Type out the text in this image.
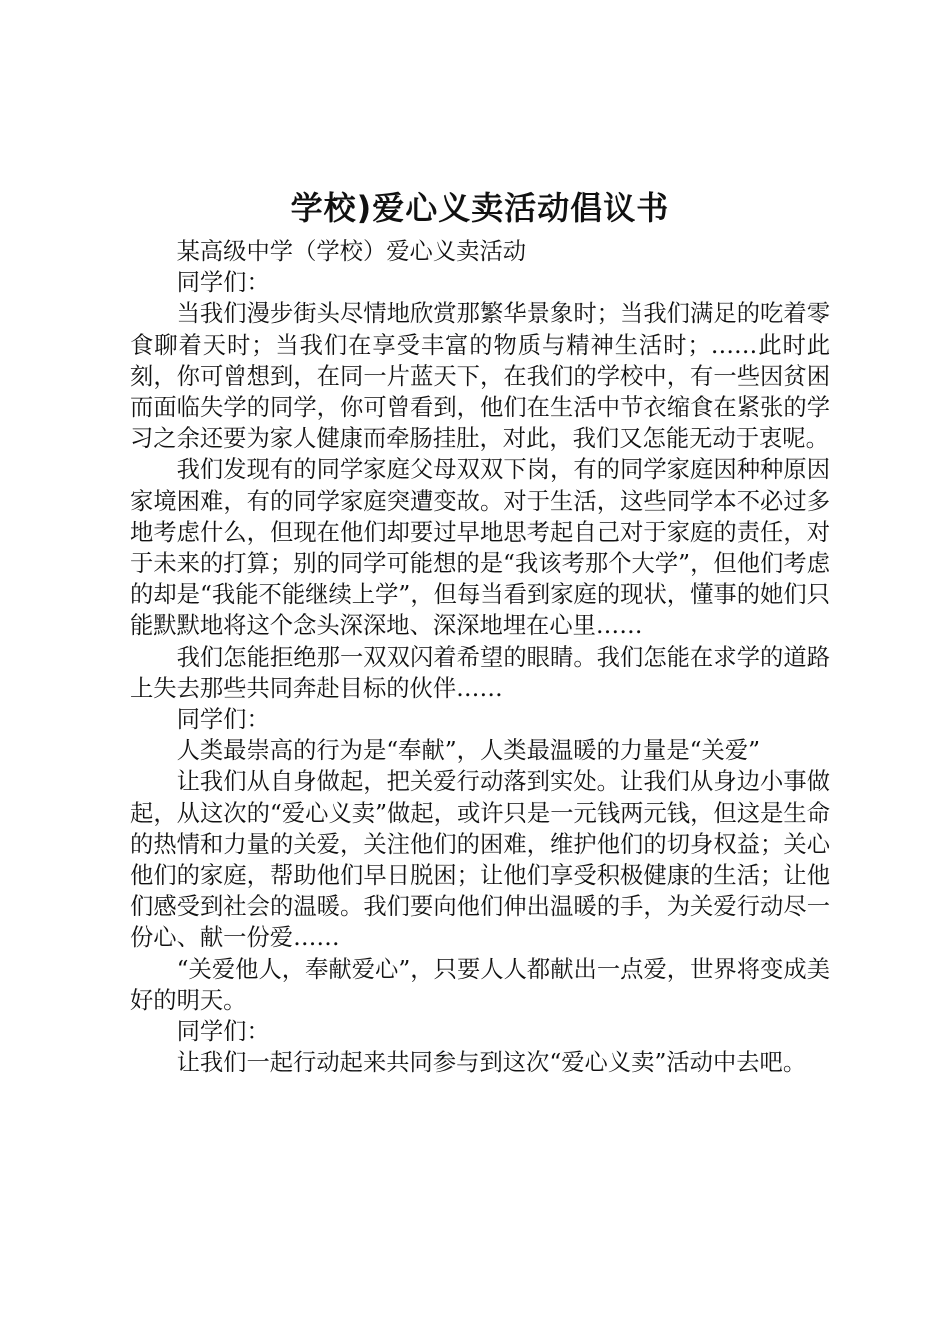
学校)爱心义卖活动倡议书

某高级中学（学校）爱心义卖活动

同学们：

当我们漫步街头尽情地欣赏那繁华景象时；当我们满足的吃着零食聊着天时；当我们在享受丰富的物质与精神生活时；……此时此刻，你可曾想到，在同一片蓝天下，在我们的学校中，有一些因贫困而面临失学的同学，你可曾看到，他们在生活中节衣缩食在紧张的学习之余还要为家人健康而牵肠挂肚，对此，我们又怎能无动于衷呢。

我们发现有的同学家庭父母双双下岗，有的同学家庭因种种原因家境困难，有的同学家庭突遭变故。对于生活，这些同学本不必过多地考虑什么，但现在他们却要过早地思考起自己对于家庭的责任，对于未来的打算；别的同学可能想的是“我该考那个大学”，但他们考虑的却是“我能不能继续上学”，但每当看到家庭的现状，懂事的她们只能默默地将这个念头深深地、深深地埋在心里……

我们怎能拒绝那一双双闪着希望的眼睛。我们怎能在求学的道路上失去那些共同奔赴目标的伙伴……

同学们：

人类最崇高的行为是“奉献”，人类最温暖的力量是“关爱”

让我们从自身做起，把关爱行动落到实处。让我们从身边小事做起，从这次的“爱心义卖”做起，或许只是一元钱两元钱，但这是生命的热情和力量的关爱，关注他们的困难，维护他们的切身权益；关心他们的家庭，帮助他们早日脱困；让他们享受积极健康的生活；让他们感受到社会的温暖。我们要向他们伸出温暖的手，为关爱行动尽一份心、献一份爱……

“关爱他人，奉献爱心”，只要人人都献出一点爱，世界将变成美好的明天。

同学们：

让我们一起行动起来共同参与到这次“爱心义卖”活动中去吧。
